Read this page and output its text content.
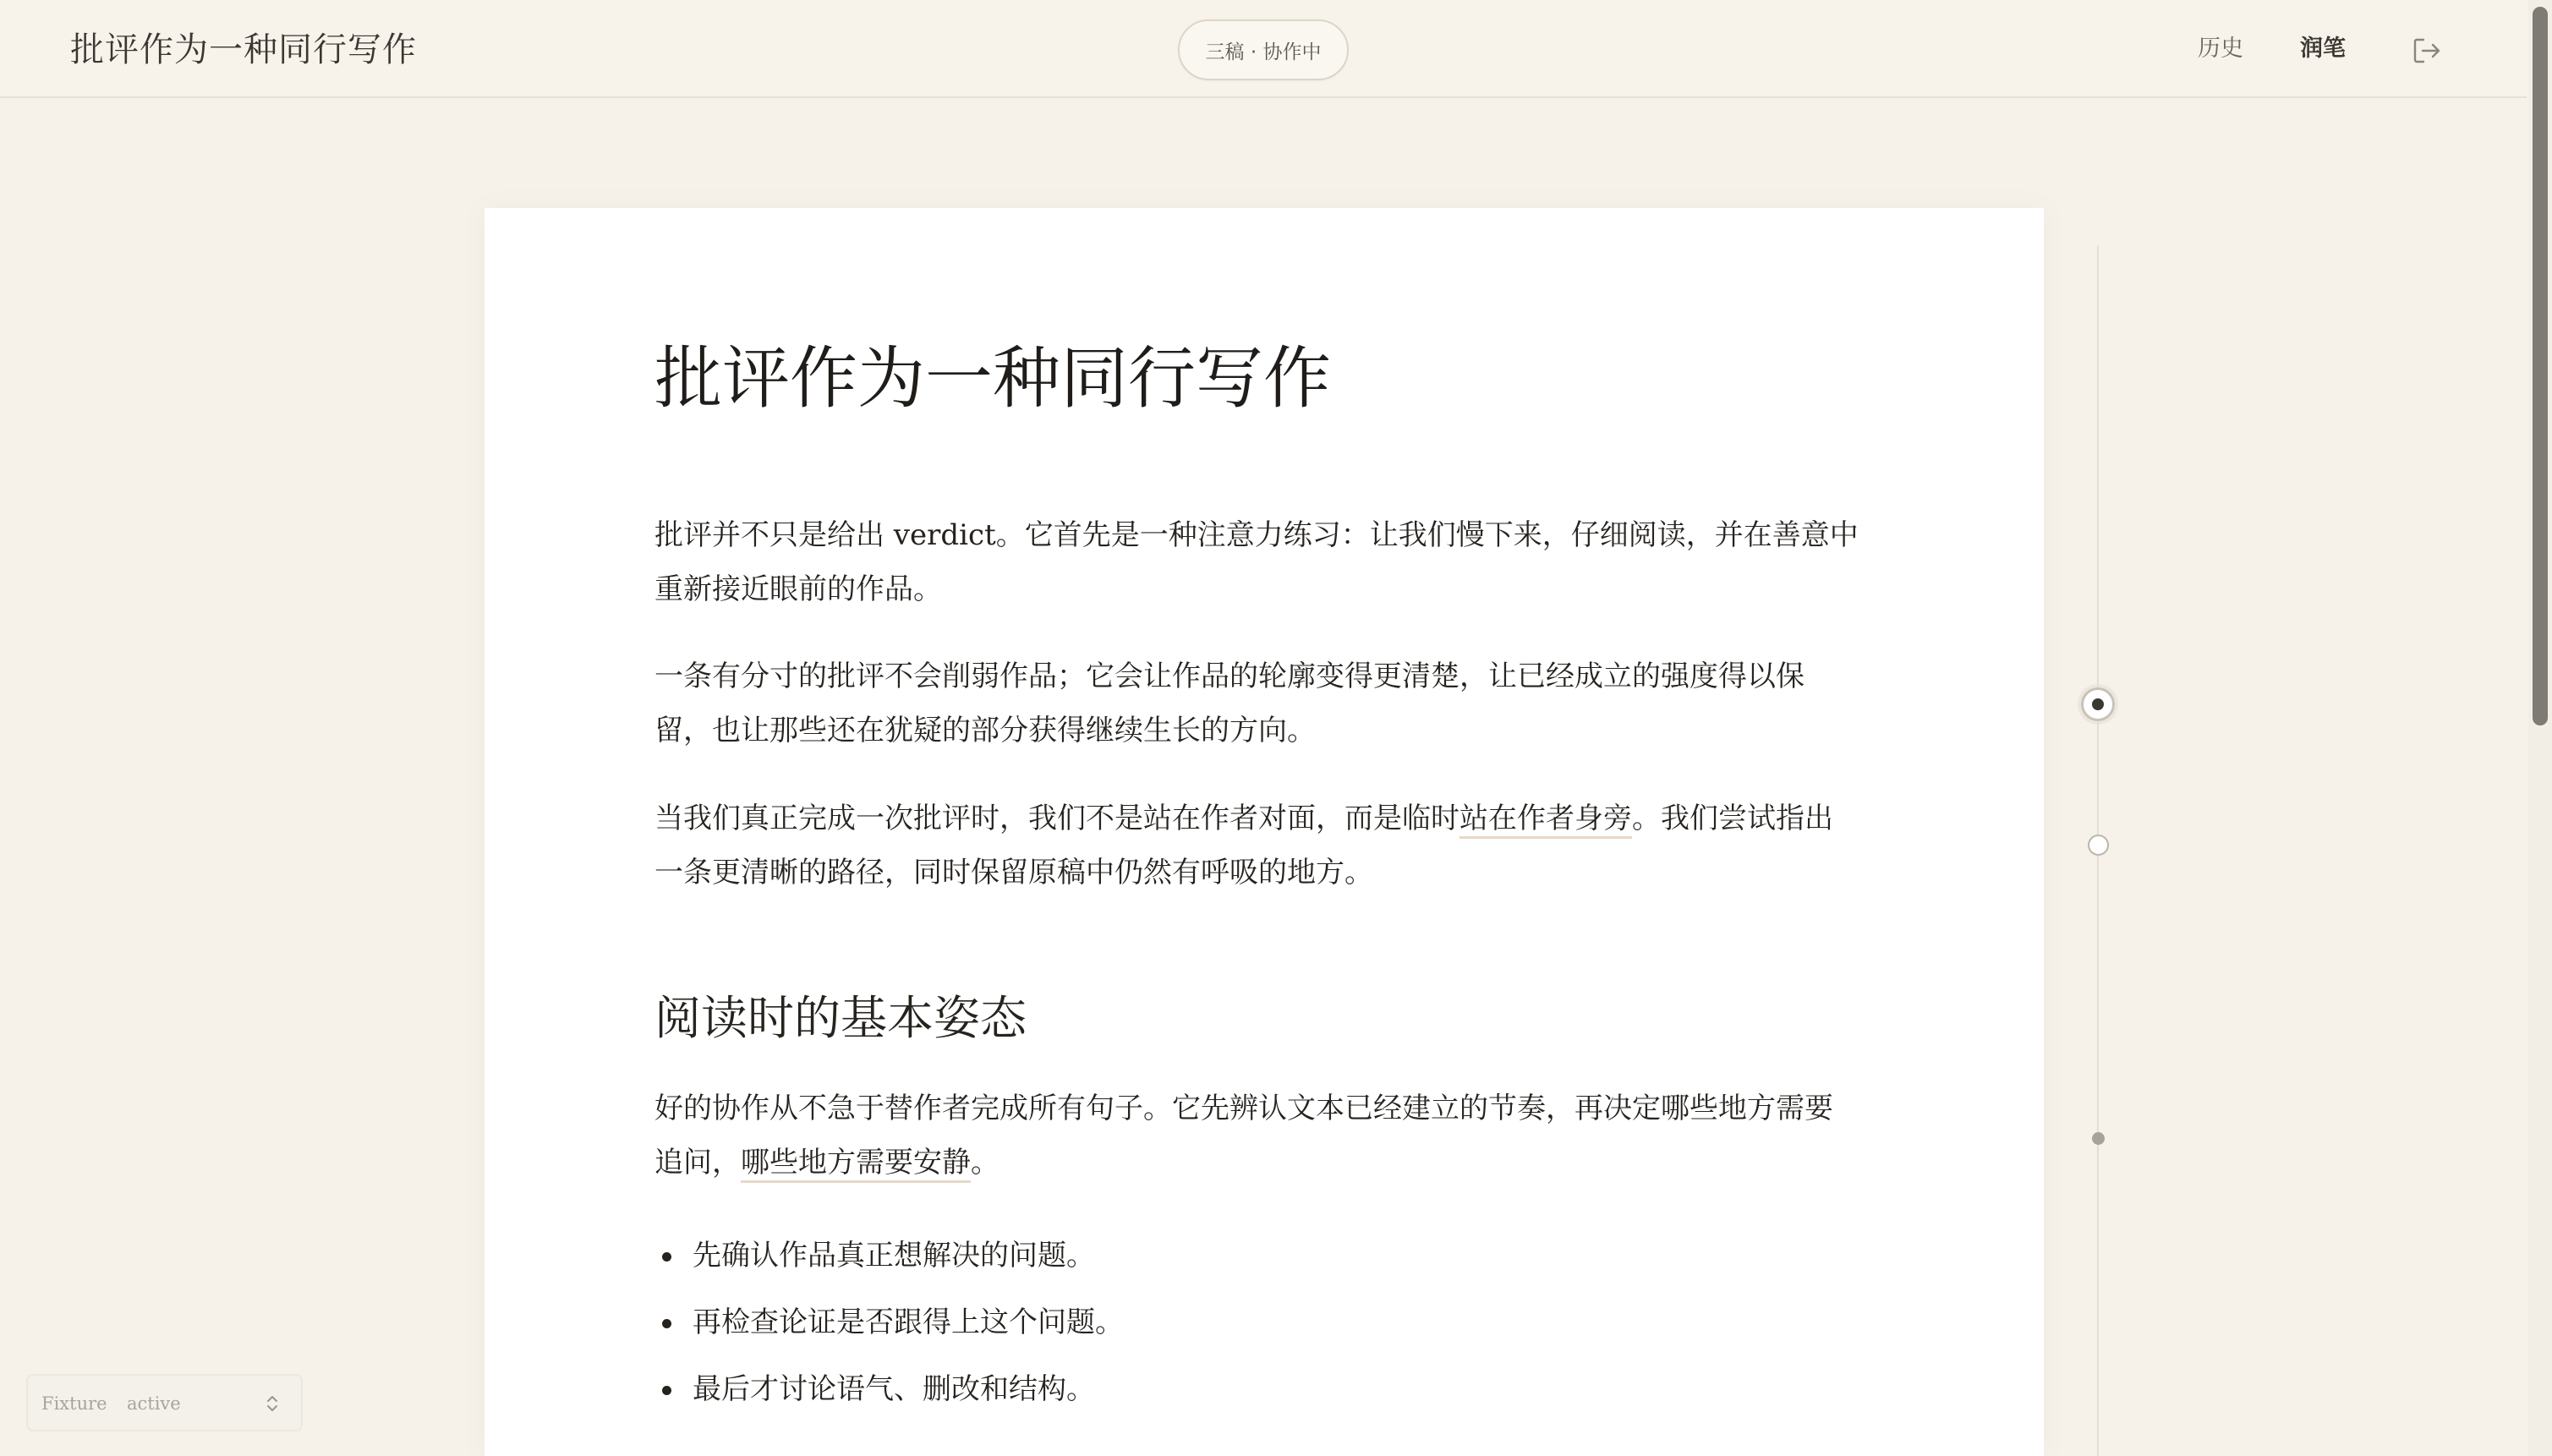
批评作为一种同行写作	三稿 · 协作中	历史 润笔
批评作为一种同行写作

批评并不只是给出 verdict。它首先是一种注意力练习：让我们慢下来，仔细阅读，并在善意中
重新接近眼前的作品。

一条有分寸的批评不会削弱作品；它会让作品的轮廓变得更清楚，让已经成立的强度得以保
留，也让那些还在犹疑的部分获得继续生长的方向。

当我们真正完成一次批评时，我们不是站在作者对面，而是临时站在作者身旁。我们尝试指出
一条更清晰的路径，同时保留原稿中仍然有呼吸的地方。

阅读时的基本姿态

好的协作从不急于替作者完成所有句子。它先辨认文本已经建立的节奏，再决定哪些地方需要
追问，哪些地方需要安静。

先确认作品真正想解决的问题。
再检查论证是否跟得上这个问题。
最后才讨论语气、删改和结构。
Fixture active
